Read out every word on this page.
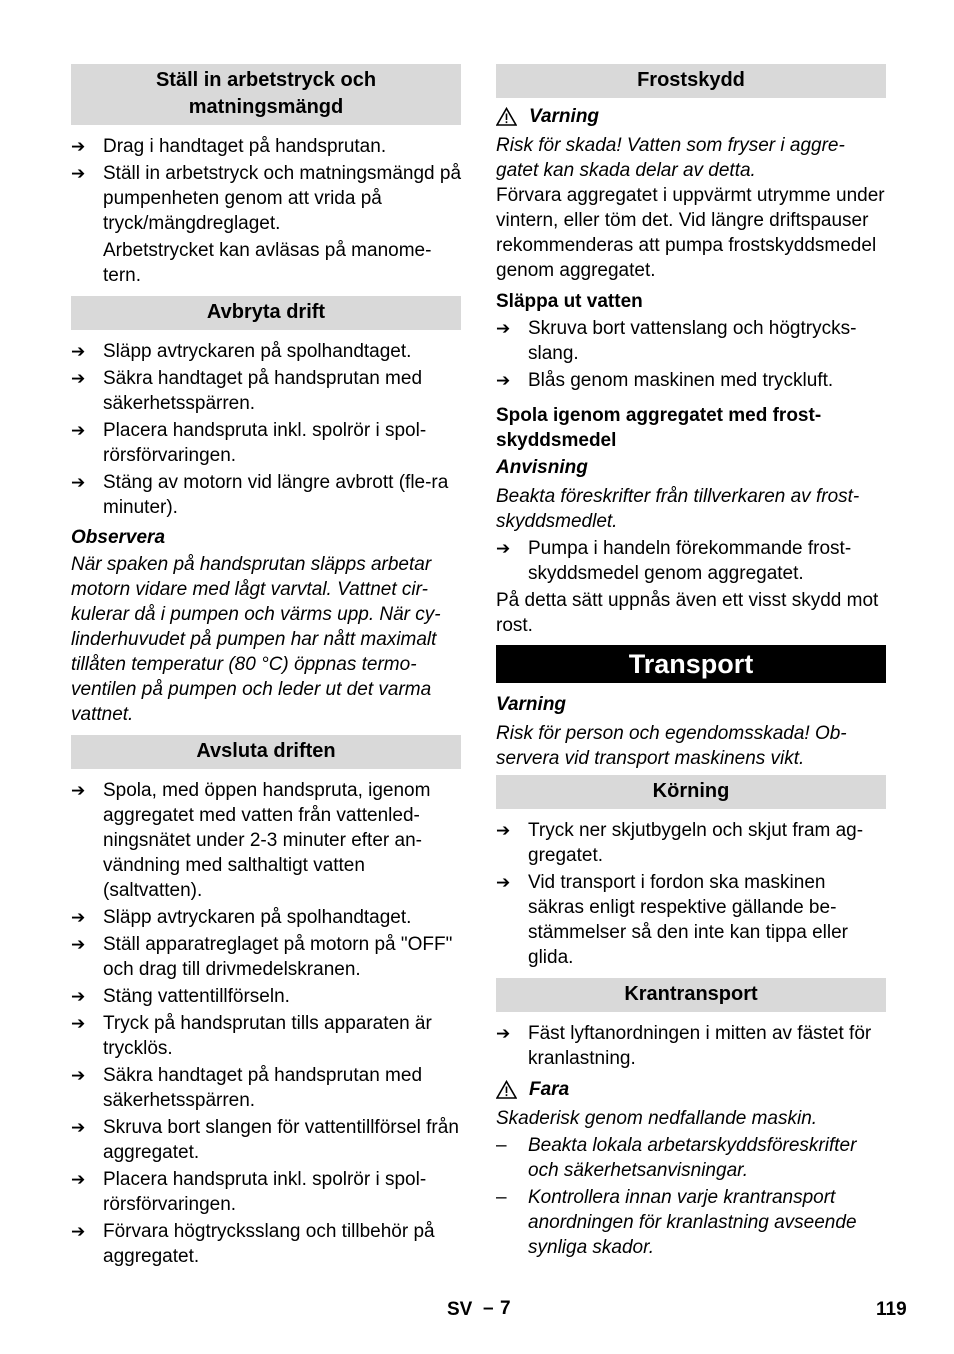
Ställ in arbetstryck och matningsmängd
➔ Drag i handtaget på handsprutan.
➔ Ställ in arbetstryck och matningsmängd på pumpenheten genom att vrida på tryck/mängdreglaget.
Arbetstrycket kan avläsas på manome-tern.
Avbryta drift
➔ Släpp avtryckaren på spolhandtaget.
➔ Säkra handtaget på handsprutan med säkerhetsspärren.
➔ Placera handspruta inkl. spolrör i spol-rörsförvaringen.
➔ Stäng av motorn vid längre avbrott (fle-ra minuter).
Observera
När spaken på handsprutan släpps arbetar motorn vidare med lågt varvtal. Vattnet cir-kulerar då i pumpen och värms upp. När cy-linderhuvudet på pumpen har nått maximalt tillåten temperatur (80 °C) öppnas termo-ventilen på pumpen och leder ut det varma vattnet.
Avsluta driften
➔ Spola, med öppen handspruta, igenom aggregatet med vatten från vattenled-ningsnätet under 2-3 minuter efter an-vändning med salthaltigt vatten (saltvatten).
➔ Släpp avtryckaren på spolhandtaget.
➔ Ställ apparatreglaget på motorn på "OFF" och drag till drivmedelskranen.
➔ Stäng vattentillförseln.
➔ Tryck på handsprutan tills apparaten är trycklös.
➔ Säkra handtaget på handsprutan med säkerhetsspärren.
➔ Skruva bort slangen för vattentillförsel från aggregatet.
➔ Placera handspruta inkl. spolrör i spol-rörsförvaringen.
➔ Förvara högtrycksslang och tillbehör på aggregatet.
Frostskydd
Varning
Risk för skada! Vatten som fryser i aggre-gatet kan skada delar av detta.
Förvara aggregatet i uppvärmt utrymme under vintern, eller töm det. Vid längre driftspauser rekommenderas att pumpa frostskyddsmedel genom aggregatet.
Släppa ut vatten
➔ Skruva bort vattenslang och högtrycks-slang.
➔ Blås genom maskinen med tryckluft.
Spola igenom aggregatet med frost-skyddsmedel
Anvisning
Beakta föreskrifter från tillverkaren av frost-skyddsmedlet.
➔ Pumpa i handeln förekommande frost-skyddsmedel genom aggregatet.
På detta sätt uppnås även ett visst skydd mot rost.
Transport
Varning
Risk för person och egendomsskada! Ob-servera vid transport maskinens vikt.
Körning
➔ Tryck ner skjutbygeln och skjut fram ag-gregatet.
➔ Vid transport i fordon ska maskinen säkras enligt respektive gällande be-stämmelser så den inte kan tippa eller glida.
Krantransport
➔ Fäst lyftanordningen i mitten av fästet för kranlastning.
Fara
Skaderisk genom nedfallande maskin.
–	Beakta lokala arbetarskyddsföreskrifter och säkerhetsanvisningar.
–	Kontrollera innan varje krantransport anordningen för kranlastning avseende synliga skador.
SV – 7	119
